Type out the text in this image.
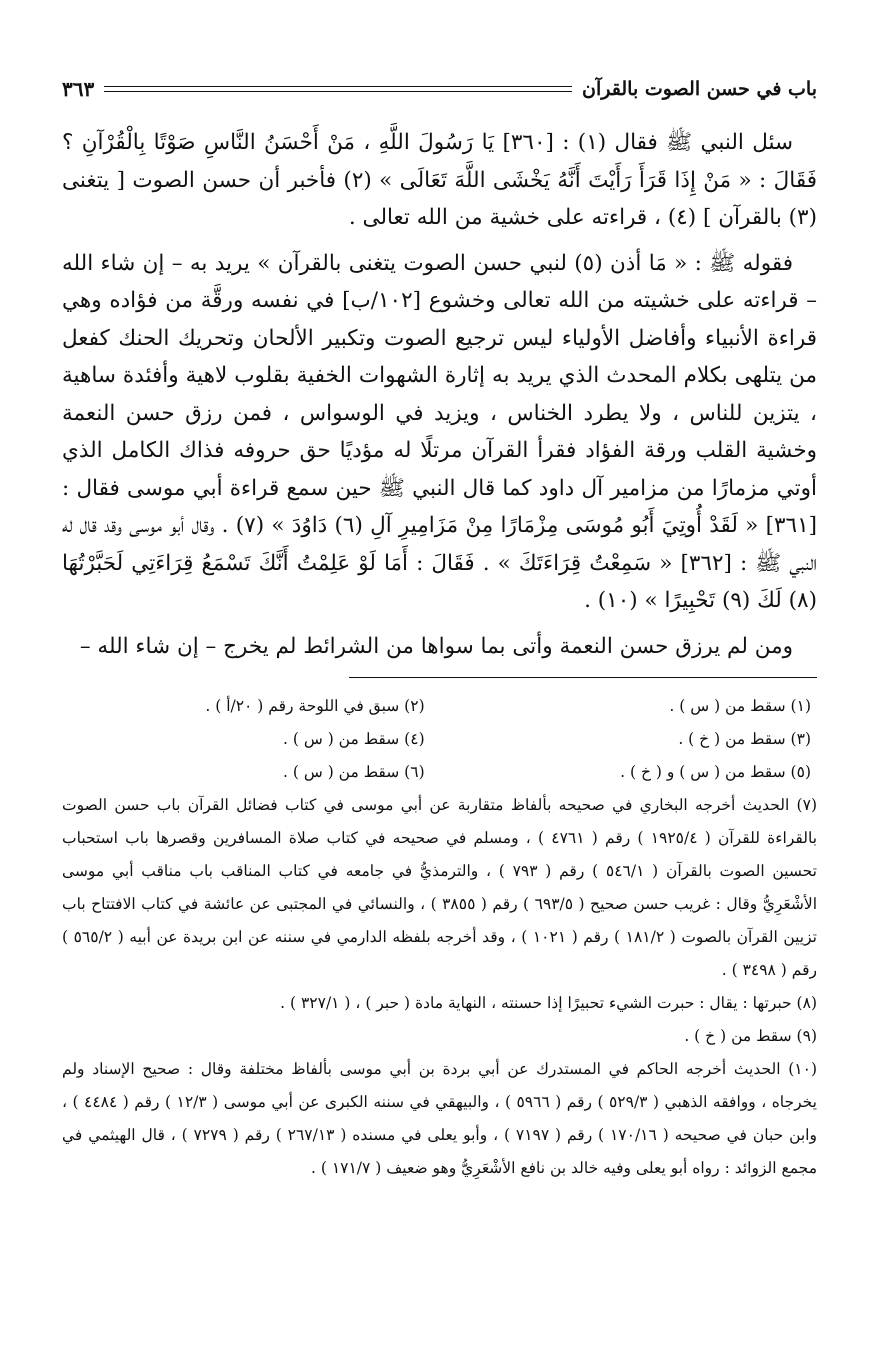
باب في حسن الصوت بالقرآن
٣٦٣

سئل النبي ﷺ فقال (١) : [٣٦٠] يَا رَسُولَ اللَّهِ ، مَنْ أَحْسَنُ النَّاسِ صَوْتًا بِالْقُرْآنِ ؟ فَقَالَ : « مَنْ إِذَا قَرَأَ رَأَيْتَ أَنَّهُ يَخْشَى اللَّهَ تَعَالَى » (٢) فأخبر أن حسن الصوت [ يتغنى (٣) بالقرآن ] (٤) ، قراءته على خشية من الله تعالى .

فقوله ﷺ : « مَا أذن (٥) لنبي حسن الصوت يتغنى بالقرآن » يريد به – إن شاء الله – قراءته على خشيته من الله تعالى وخشوع [١٠٢/ب] في نفسه ورقَّة من فؤاده وهي قراءة الأنبياء وأفاضل الأولياء ليس ترجيع الصوت وتكبير الألحان وتحريك الحنك كفعل من يتلهى بكلام المحدث الذي يريد به إثارة الشهوات الخفية بقلوب لاهية وأفئدة ساهية ، يتزين للناس ، ولا يطرد الخناس ، ويزيد في الوسواس ، فمن رزق حسن النعمة وخشية القلب ورقة الفؤاد فقرأ القرآن مرتلًا له مؤديًا حق حروفه فذاك الكامل الذي أوتي مزمارًا من مزامير آل داود كما قال النبي ﷺ حين سمع قراءة أبي موسى فقال : [٣٦١] « لَقَدْ أُوتِيَ أَبُو مُوسَى مِزْمَارًا مِنْ مَزَامِيرِ آلِ (٦) دَاوُدَ » (٧) . وقال أبو موسى وقد قال له النبي ﷺ : [٣٦٢] « سَمِعْتُ قِرَاءَتَكَ » . فَقَالَ : أَمَا لَوْ عَلِمْتُ أَنَّكَ تَسْمَعُ قِرَاءَتِي لَحَبَّرْتُهَا (٨) لَكَ (٩) تَحْبِيرًا » (١٠) .

ومن لم يرزق حسن النعمة وأتى بما سواها من الشرائط لم يخرج – إن شاء الله –

(١) سقط من ( س ) .
(٢) سبق في اللوحة رقم ( ٢٠/أ ) .
(٣) سقط من ( خ ) .
(٤) سقط من ( س ) .
(٥) سقط من ( س ) و ( خ ) .
(٦) سقط من ( س ) .

(٧) الحديث أخرجه البخاري في صحيحه بألفاظ متقاربة عن أبي موسى في كتاب فضائل القرآن باب حسن الصوت بالقراءة للقرآن ( ١٩٢٥/٤ ) رقم ( ٤٧٦١ ) ، ومسلم في صحيحه في كتاب صلاة المسافرين وقصرها باب استحباب تحسين الصوت بالقرآن ( ٥٤٦/١ ) رقم ( ٧٩٣ ) ، والترمذيُّ في جامعه في كتاب المناقب باب مناقب أبي موسى الأشْعَرِيُّ وقال : غريب حسن صحيح ( ٦٩٣/٥ ) رقم ( ٣٨٥٥ ) ، والنسائي في المجتبى عن عائشة في كتاب الافتتاح باب تزيين القرآن بالصوت ( ١٨١/٢ ) رقم ( ١٠٢١ ) ، وقد أخرجه بلفظه الدارمي في سننه عن ابن بريدة عن أبيه ( ٥٦٥/٢ ) رقم ( ٣٤٩٨ ) .

(٨) حبرتها : يقال : حبرت الشيء تحبيرًا إذا حسنته ، النهاية مادة ( حبر ) ، ( ٣٢٧/١ ) .

(٩) سقط من ( خ ) .

(١٠) الحديث أخرجه الحاكم في المستدرك عن أبي بردة بن أبي موسى بألفاظ مختلفة وقال : صحيح الإسناد ولم يخرجاه ، ووافقه الذهبي ( ٥٢٩/٣ ) رقم ( ٥٩٦٦ ) ، والبيهقي في سننه الكبرى عن أبي موسى ( ١٢/٣ ) رقم ( ٤٤٨٤ ) ، وابن حبان في صحيحه ( ١٧٠/١٦ ) رقم ( ٧١٩٧ ) ، وأبو يعلى في مسنده ( ٢٦٧/١٣ ) رقم ( ٧٢٧٩ ) ، قال الهيثمي في مجمع الزوائد : رواه أبو يعلى وفيه خالد بن نافع الأشْعَرِيُّ وهو ضعيف ( ١٧١/٧ ) .
